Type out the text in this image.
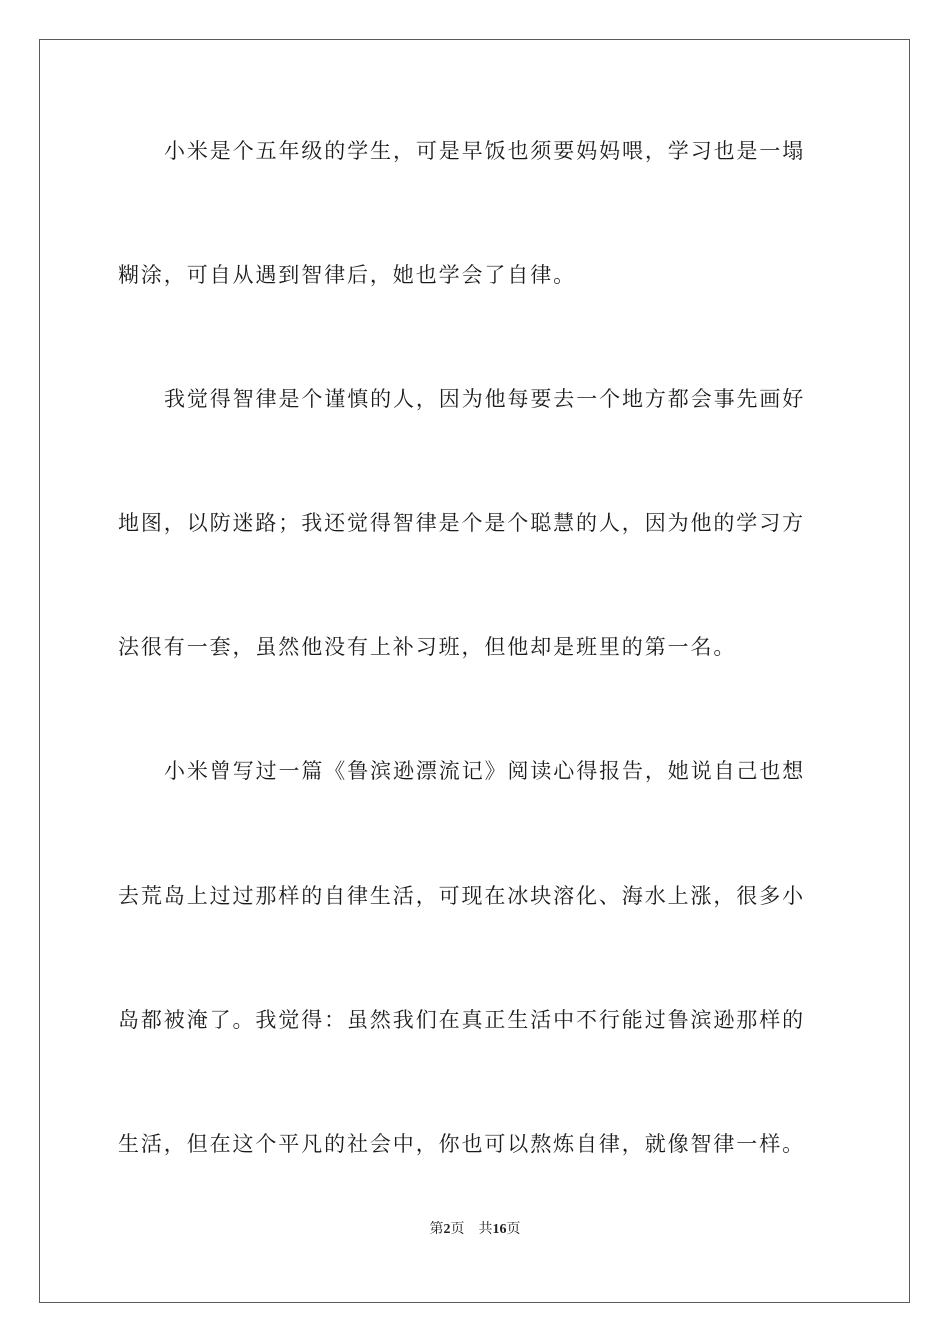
小米是个五年级的学生，可是早饭也须要妈妈喂，学习也是一塌
糊涂，可自从遇到智律后，她也学会了自律。
我觉得智律是个谨慎的人，因为他每要去一个地方都会事先画好
地图，以防迷路；我还觉得智律是个是个聪慧的人，因为他的学习方
法很有一套，虽然他没有上补习班，但他却是班里的第一名。
小米曾写过一篇《鲁滨逊漂流记》阅读心得报告，她说自己也想
去荒岛上过过那样的自律生活，可现在冰块溶化、海水上涨，很多小
岛都被淹了。我觉得：虽然我们在真正生活中不行能过鲁滨逊那样的
生活，但在这个平凡的社会中，你也可以熬炼自律，就像智律一样。
第2页 共16页
